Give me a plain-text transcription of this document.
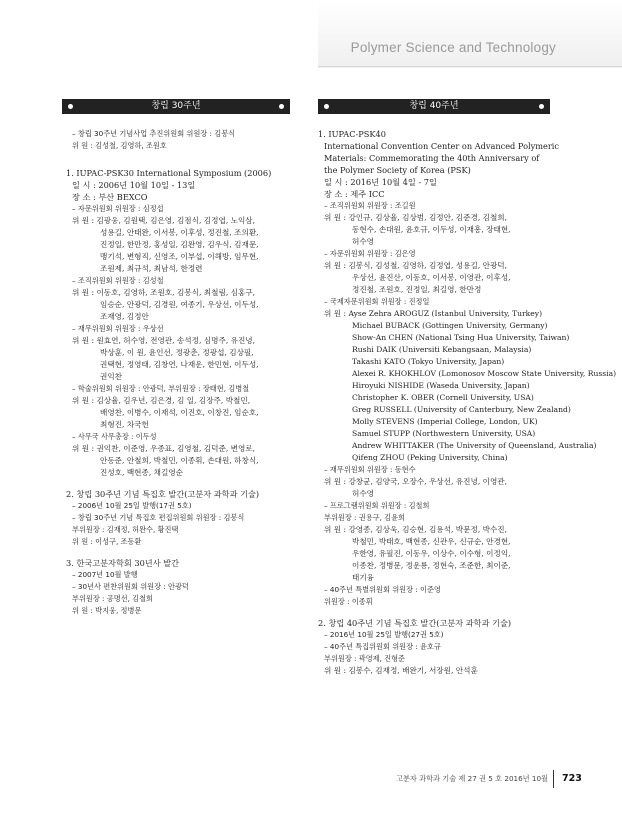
Polymer Science and Technology
창립 30주년	창립 40주년
– 창립 30주년 기념사업 추진위원회 위원장 : 김봉식
위 원 : 김성철, 김영하, 조원호
1. IUPAC-PSK30 International Symposium (2006)
일 시 : 2006년 10월 10일 - 13일
장 소 : 부산 BEXCO
– 자문위원회 위원장 : 심정섭
위 원 : 김광웅, 김원택, 김은영, 김점식, 김정엽, 노익삼,
성용길, 안태완, 이서봉, 이후성, 정진철, 조의환,
진정일, 한만정, 홍성일, 김완영, 김우식, 김재문,
맹기석, 변형직, 신영조, 이부섭, 이해방, 임무현,
조원제, 최규석, 최남석, 한정련
– 조직위원회 위원장 : 김성철
위 원 : 이동호, 김영하, 조원호, 김봉식, 최철림, 심홍구,
임승순, 안광덕, 김경원, 여종기, 우상선, 이두성,
조재영, 김정안
– 재무위원회 위원장 : 우상선
위 원 : 원효연, 허수영, 전영관, 송석정, 심명주, 유진녕,
박상훈, 이 원, 윤인선, 정광춘, 정광섭, 김상필,
권택현, 정영태, 김창연, 나재운, 한민현, 이두성,
권익찬
– 학술위원회 위원장 : 안광덕, 부위원장 : 장태현, 김병철
위 원 : 김상율, 김우년, 김은경, 김 일, 김장주, 박철민,
배영찬, 이병수, 이재석, 이진호, 이창진, 임순호,
최형진, 차국헌
– 사무국 사무총장 : 이두성
위 원 : 권익찬, 이준영, 우종표, 김영철, 김덕준, 변영로,
안동준, 안철희, 박철민, 이종휘, 손대원, 하창식,
진성호, 백현종, 채길영순
2. 창립 30주년 기념 특집호 발간(고분자 과학과 기술)
– 2006년 10월 25일 발행(17권 5호)
– 창립 30주년 기념 특집호 편집위원회 위원장 : 김봉식
부위원장 : 김재정, 허완수, 황진택
위 원 : 이성구, 조동환
3. 한국고분자학회 30년사 발간
– 2007년 10월 발행
– 30년사 편찬위원회 위원장 : 안광덕
부위원장 : 공명선, 김철희
위 원 : 박지웅, 정병문
1. IUPAC-PSK40
International Convention Center on Advanced Polymeric
Materials: Commemorating the 40th Anniversary of
the Polymer Society of Korea (PSK)
일 시 : 2016년 10월 4일 - 7일
장 소 : 제주 ICC
– 조직위원회 위원장 : 조길원
위 원 : 강인규, 김상율, 김상범, 김정안, 김준경, 김철희,
동현수, 손대원, 윤호규, 이두성, 이재흥, 장태현,
허수영
– 자문위원회 위원장 : 김은영
위 원 : 김봉식, 김성철, 김영하, 김정엽, 성용길, 안광덕,
우상선, 윤진산, 이동호, 이서봉, 이영관, 이후성,
정진철, 조원호, 진정일, 최길영, 한만정
– 국제자문위원회 위원장 : 진정일
위 원 : Ayse Zehra AROGUZ (Istanbul University, Turkey)
Michael BUBACK (Gottingen University, Germany)
Show-An CHEN (National Tsing Hua University, Taiwan)
Rushi DAIK (Universiti Kebangsaan, Malaysia)
Takashi KATO (Tokyo University, Japan)
Alexei R. KHOKHLOV (Lomonosov Moscow State University, Russia)
Hiroyuki NISHIDE (Waseda University, Japan)
Christopher K. OBER (Cornell University, USA)
Greg RUSSELL (University of Canterbury, New Zealand)
Molly STEVENS (Imperial College, London, UK)
Samuel STUPP (Northwestern University, USA)
Andrew WHITTAKER (The University of Queensland, Australia)
Qifeng ZHOU (Peking University, China)
– 재무위원회 위원장 : 동현수
위 원 : 강창균, 김양국, 오장수, 우상선, 유진녕, 이영관,
허수영
– 프로그램위원회 위원장 : 김철희
부위원장 : 권용구, 김윤희
위 원 : 강영종, 김상욱, 김승현, 김용석, 박문정, 박수진,
박철민, 박태호, 백현종, 신관우, 신규순, 안경현,
우한영, 유필진, 이동우, 이상수, 이수형, 이정익,
이종찬, 정병문, 정운룡, 정현숙, 조준한, 최이준,
태기융
– 40주년 특별위원회 위원장 : 이준영
위원장 : 이종휘
2. 창립 40주년 기념 특집호 발간(고분자 과학과 기술)
– 2016년 10월 25일 발행(27권 5호)
– 40주년 특집위원회 위원장 : 윤호규
부위원장 : 곽영제, 진형준
위 원 : 김봉수, 김재정, 배완기, 서장원, 안석훈
고분자 과학과 기술 제 27 권 5 호 2016년 10월 723
